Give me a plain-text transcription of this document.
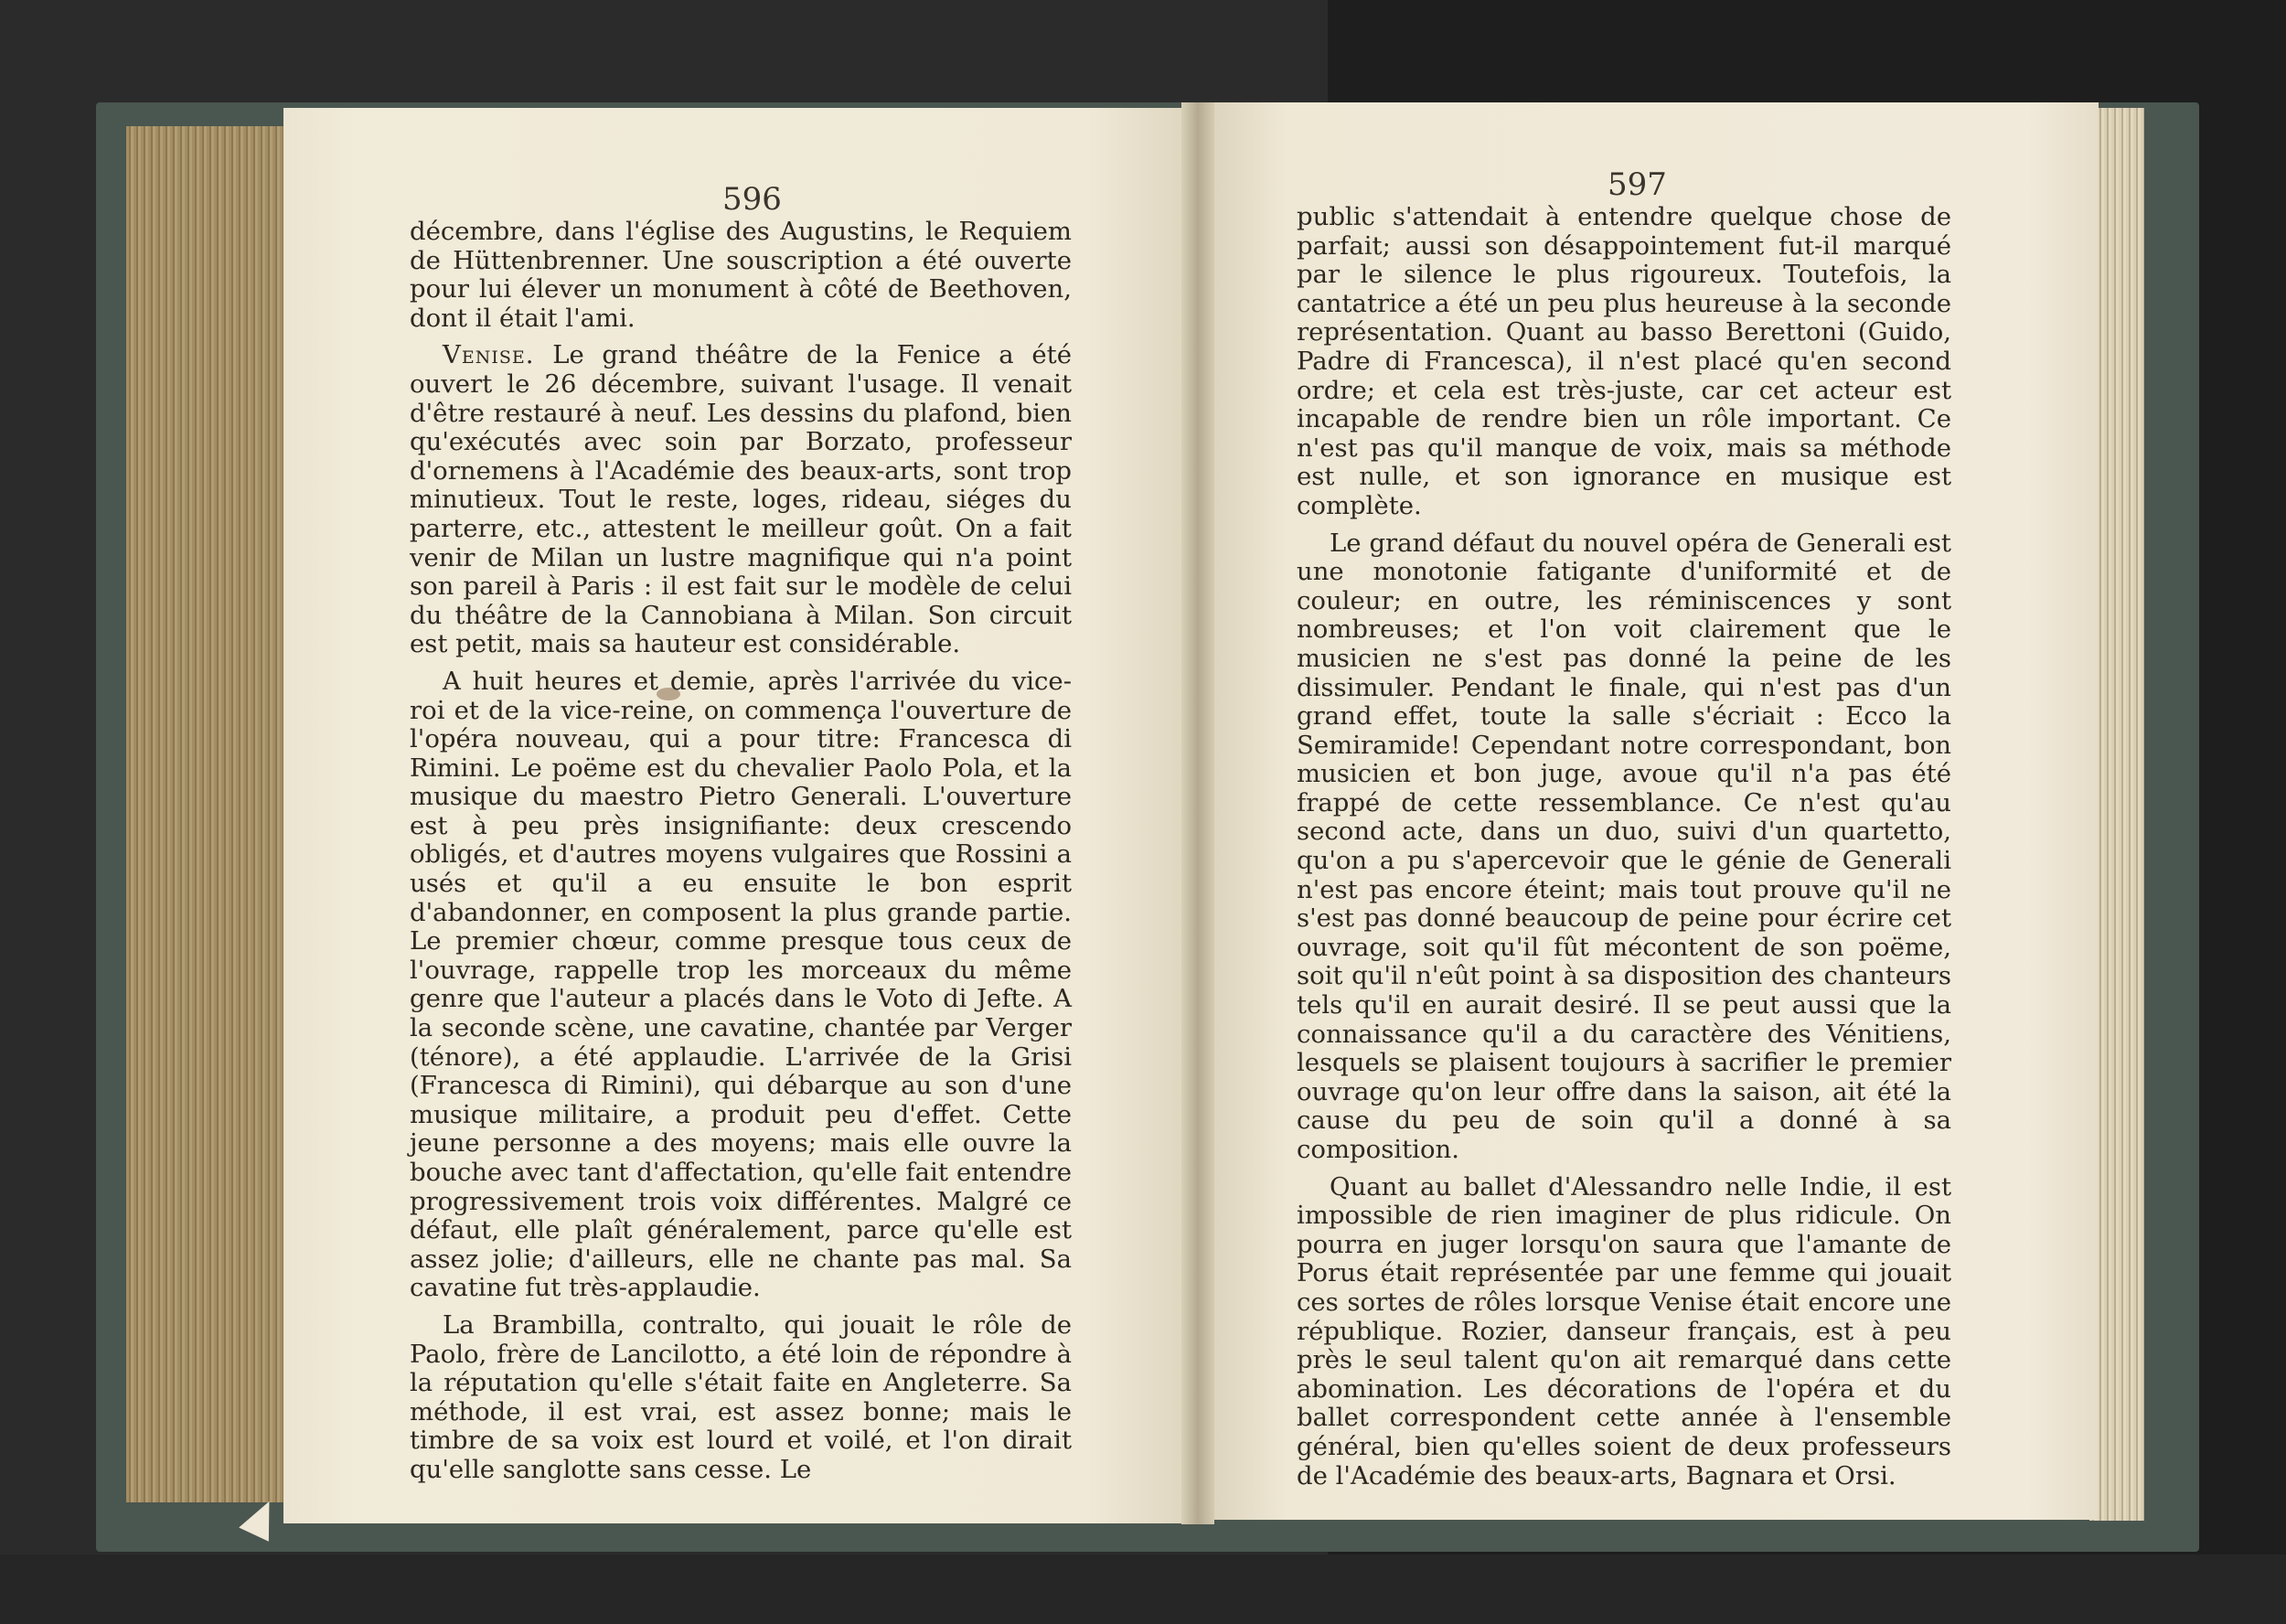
596	597

décembre, dans l'église des Augustins, le Requiem de Hüttenbrenner. Une souscription a été ouverte pour lui élever un monument à côté de Beethoven, dont il était l'ami.

Venise. Le grand théâtre de la Fenice a été ouvert le 26 décembre, suivant l'usage. Il venait d'être restauré à neuf. Les dessins du plafond, bien qu'exécutés avec soin par Borzato, professeur d'ornemens à l'Académie des beaux-arts, sont trop minutieux. Tout le reste, loges, rideau, siéges du parterre, etc., attestent le meilleur goût. On a fait venir de Milan un lustre magnifique qui n'a point son pareil à Paris : il est fait sur le modèle de celui du théâtre de la Cannobiana à Milan. Son circuit est petit, mais sa hauteur est considérable.

A huit heures et demie, après l'arrivée du vice-roi et de la vice-reine, on commença l'ouverture de l'opéra nouveau, qui a pour titre: Francesca di Rimini. Le poëme est du chevalier Paolo Pola, et la musique du maestro Pietro Generali. L'ouverture est à peu près insignifiante: deux crescendo obligés, et d'autres moyens vulgaires que Rossini a usés et qu'il a eu ensuite le bon esprit d'abandonner, en composent la plus grande partie. Le premier chœur, comme presque tous ceux de l'ouvrage, rappelle trop les morceaux du même genre que l'auteur a placés dans le Voto di Jefte. A la seconde scène, une cavatine, chantée par Verger (ténore), a été applaudie. L'arrivée de la Grisi (Francesca di Rimini), qui débarque au son d'une musique militaire, a produit peu d'effet. Cette jeune personne a des moyens; mais elle ouvre la bouche avec tant d'affectation, qu'elle fait entendre progressivement trois voix différentes. Malgré ce défaut, elle plaît généralement, parce qu'elle est assez jolie; d'ailleurs, elle ne chante pas mal. Sa cavatine fut très-applaudie.

La Brambilla, contralto, qui jouait le rôle de Paolo, frère de Lancilotto, a été loin de répondre à la réputation qu'elle s'était faite en Angleterre. Sa méthode, il est vrai, est assez bonne; mais le timbre de sa voix est lourd et voilé, et l'on dirait qu'elle sanglotte sans cesse. Le

public s'attendait à entendre quelque chose de parfait; aussi son désappointement fut-il marqué par le silence le plus rigoureux. Toutefois, la cantatrice a été un peu plus heureuse à la seconde représentation. Quant au basso Berettoni (Guido, Padre di Francesca), il n'est placé qu'en second ordre; et cela est très-juste, car cet acteur est incapable de rendre bien un rôle important. Ce n'est pas qu'il manque de voix, mais sa méthode est nulle, et son ignorance en musique est complète.

Le grand défaut du nouvel opéra de Generali est une monotonie fatigante d'uniformité et de couleur; en outre, les réminiscences y sont nombreuses; et l'on voit clairement que le musicien ne s'est pas donné la peine de les dissimuler. Pendant le finale, qui n'est pas d'un grand effet, toute la salle s'écriait : Ecco la Semiramide! Cependant notre correspondant, bon musicien et bon juge, avoue qu'il n'a pas été frappé de cette ressemblance. Ce n'est qu'au second acte, dans un duo, suivi d'un quartetto, qu'on a pu s'apercevoir que le génie de Generali n'est pas encore éteint; mais tout prouve qu'il ne s'est pas donné beaucoup de peine pour écrire cet ouvrage, soit qu'il fût mécontent de son poëme, soit qu'il n'eût point à sa disposition des chanteurs tels qu'il en aurait desiré. Il se peut aussi que la connaissance qu'il a du caractère des Vénitiens, lesquels se plaisent toujours à sacrifier le premier ouvrage qu'on leur offre dans la saison, ait été la cause du peu de soin qu'il a donné à sa composition.

Quant au ballet d'Alessandro nelle Indie, il est impossible de rien imaginer de plus ridicule. On pourra en juger lorsqu'on saura que l'amante de Porus était représentée par une femme qui jouait ces sortes de rôles lorsque Venise était encore une république. Rozier, danseur français, est à peu près le seul talent qu'on ait remarqué dans cette abomination. Les décorations de l'opéra et du ballet correspondent cette année à l'ensemble général, bien qu'elles soient de deux professeurs de l'Académie des beaux-arts, Bagnara et Orsi.
